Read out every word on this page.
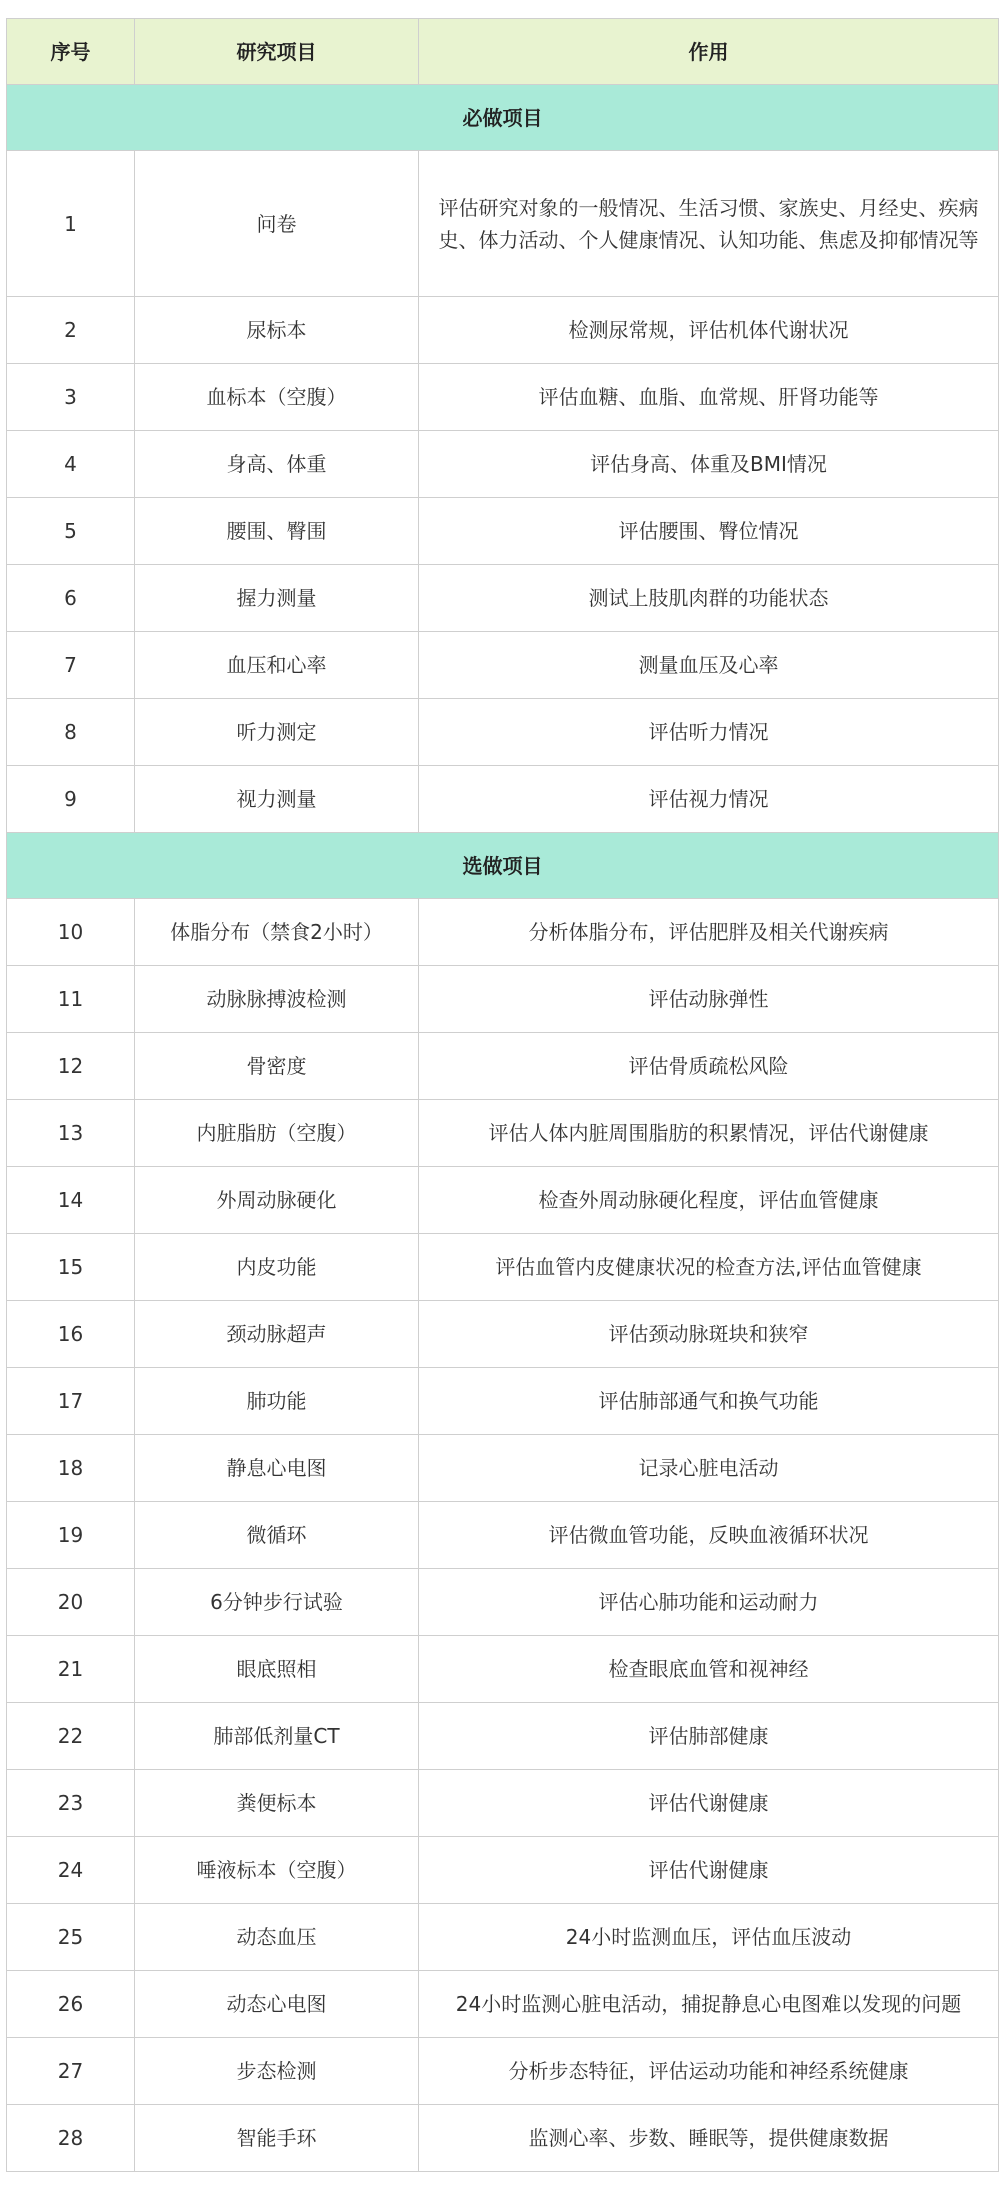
序号	研究项目	作用
必做项目		
1	问卷	评估研究对象的一般情况、生活习惯、家族史、月经史、疾病史、体力活动、个人健康情况、认知功能、焦虑及抑郁情况等
2	尿标本	检测尿常规，评估机体代谢状况
3	血标本（空腹）	评估血糖、血脂、血常规、肝肾功能等
4	身高、体重	评估身高、体重及BMI情况
5	腰围、臀围	评估腰围、臀位情况
6	握力测量	测试上肢肌肉群的功能状态
7	血压和心率	测量血压及心率
8	听力测定	评估听力情况
9	视力测量	评估视力情况
选做项目		
10	体脂分布（禁食2小时）	分析体脂分布，评估肥胖及相关代谢疾病
11	动脉脉搏波检测	评估动脉弹性
12	骨密度	评估骨质疏松风险
13	内脏脂肪（空腹）	评估人体内脏周围脂肪的积累情况，评估代谢健康
14	外周动脉硬化	检查外周动脉硬化程度，评估血管健康
15	内皮功能	评估血管内皮健康状况的检查方法,评估血管健康
16	颈动脉超声	评估颈动脉斑块和狭窄
17	肺功能	评估肺部通气和换气功能
18	静息心电图	记录心脏电活动
19	微循环	评估微血管功能，反映血液循环状况
20	6分钟步行试验	评估心肺功能和运动耐力
21	眼底照相	检查眼底血管和视神经
22	肺部低剂量CT	评估肺部健康
23	粪便标本	评估代谢健康
24	唾液标本（空腹）	评估代谢健康
25	动态血压	24小时监测血压，评估血压波动
26	动态心电图	24小时监测心脏电活动，捕捉静息心电图难以发现的问题
27	步态检测	分析步态特征，评估运动功能和神经系统健康
28	智能手环	监测心率、步数、睡眠等，提供健康数据
